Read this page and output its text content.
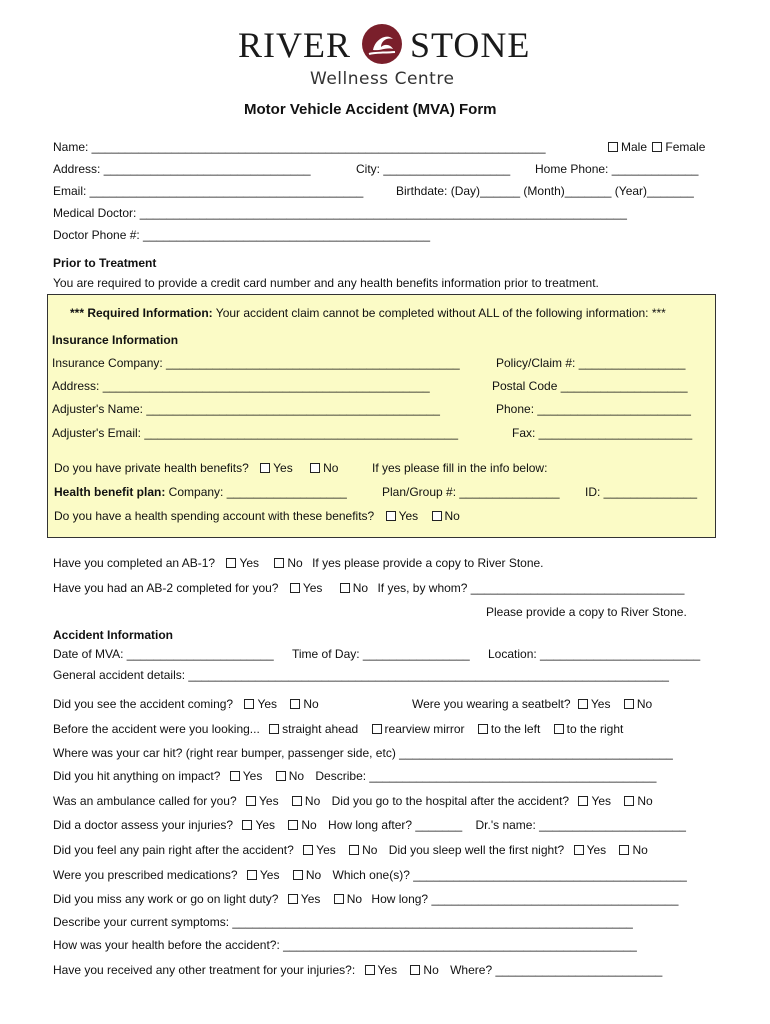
RIVER STONE
Wellness Centre
Motor Vehicle Accident (MVA) Form
Name: ____________________________________________________________________	Male Female
Address: _______________________________	City: ___________________ Home Phone: _____________
Email: _________________________________________	Birthdate: (Day)______ (Month)_______ (Year)_______
Medical Doctor: _________________________________________________________________________
Doctor Phone #: ___________________________________________
Prior to Treatment
You are required to provide a credit card number and any health benefits information prior to treatment.
*** Required Information: Your accident claim cannot be completed without ALL of the following information: ***
Insurance Information
Insurance Company: ____________________________________________	Policy/Claim #: ________________
Address: _________________________________________________	Postal Code ___________________
Adjuster's Name: ____________________________________________	Phone: _______________________
Adjuster's Email: _______________________________________________	Fax: _______________________
Do you have private health benefits? Yes	No	If yes please fill in the info below:
Health benefit plan: Company: __________________	Plan/Group #: _______________ ID: ______________
Do you have a health spending account with these benefits? Yes No
Have you completed an AB-1? Yes No If yes please provide a copy to River Stone.
Have you had an AB-2 completed for you? Yes	No If yes, by whom? ________________________________
Please provide a copy to River Stone.
Accident Information
Date of MVA: ______________________ Time of Day: ________________ Location: ________________________
General accident details: ________________________________________________________________________
Did you see the accident coming? Yes No	Were you wearing a seatbelt? Yes No
Before the accident were you looking... straight ahead rearview mirror to the left to the right
Where was your car hit? (right rear bumper, passenger side, etc) _________________________________________
Did you hit anything on impact? Yes No Describe: ___________________________________________
Was an ambulance called for you? Yes No Did you go to the hospital after the accident? Yes No
Did a doctor assess your injuries? Yes No How long after? _______ Dr.'s name: ______________________
Did you feel any pain right after the accident? Yes No Did you sleep well the first night? Yes No
Were you prescribed medications? Yes No Which one(s)? _________________________________________
Did you miss any work or go on light duty? Yes No How long? _____________________________________
Describe your current symptoms: ____________________________________________________________
How was your health before the accident?: _____________________________________________________
Have you received any other treatment for your injuries?: Yes No Where? _________________________
